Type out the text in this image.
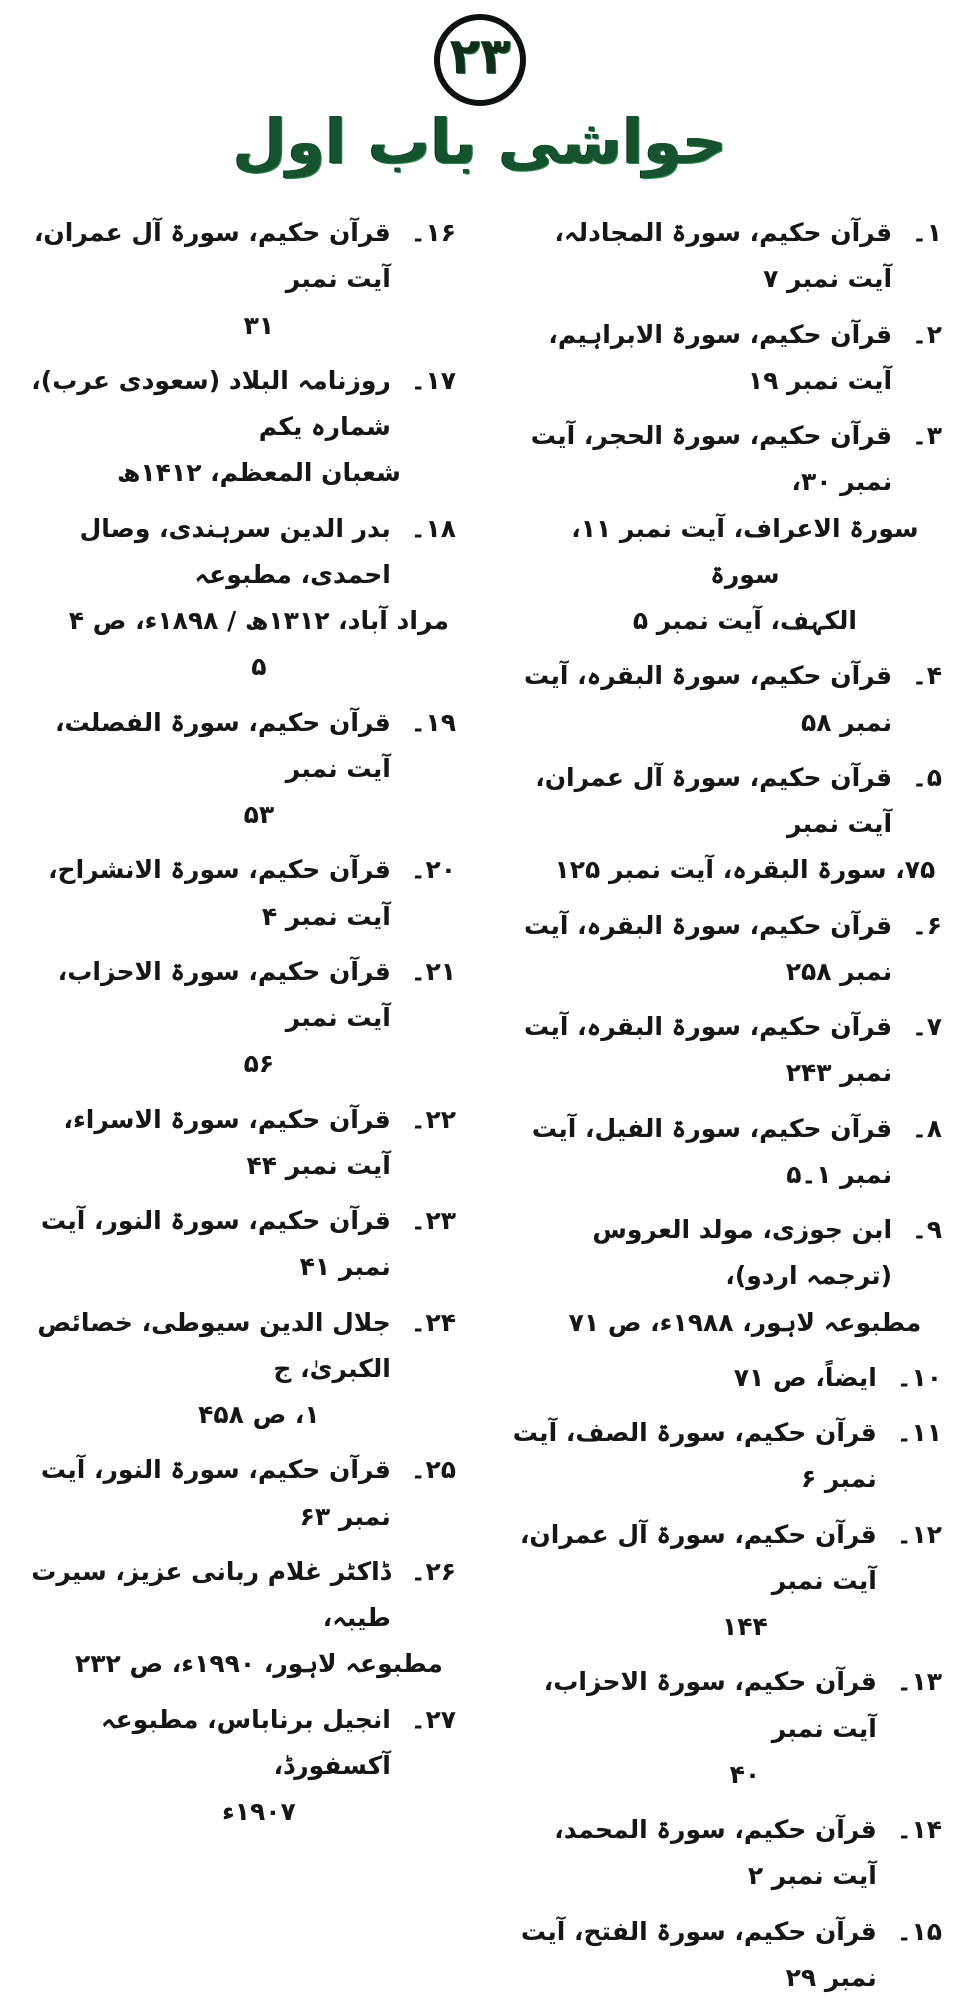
۲۳
حواشی باب اول
۱۔
قرآن حکیم، سورۃ المجادلہ، آیت نمبر ۷
۲۔
قرآن حکیم، سورۃ الابراہیم، آیت نمبر ۱۹
۳۔
قرآن حکیم، سورۃ الحجر، آیت نمبر ۳۰،
سورۃ الاعراف، آیت نمبر ۱۱، سورۃ
الکہف، آیت نمبر ۵
۴۔
قرآن حکیم، سورۃ البقرہ، آیت نمبر ۵۸
۵۔
قرآن حکیم، سورۃ آل عمران، آیت نمبر
۷۵، سورۃ البقرہ، آیت نمبر ۱۲۵
۶۔
قرآن حکیم، سورۃ البقرہ، آیت نمبر ۲۵۸
۷۔
قرآن حکیم، سورۃ البقرہ، آیت نمبر ۲۴۳
۸۔
قرآن حکیم، سورۃ الفیل، آیت نمبر ۱۔۵
۹۔
ابن جوزی، مولد العروس (ترجمہ اردو)،
مطبوعہ لاہور، ۱۹۸۸ء، ص ۷۱
۱۰۔
ایضاً، ص ۷۱
۱۱۔
قرآن حکیم، سورۃ الصف، آیت نمبر ۶
۱۲۔
قرآن حکیم، سورۃ آل عمران، آیت نمبر
۱۴۴
۱۳۔
قرآن حکیم، سورۃ الاحزاب، آیت نمبر
۴۰
۱۴۔
قرآن حکیم، سورۃ المحمد، آیت نمبر ۲
۱۵۔
قرآن حکیم، سورۃ الفتح، آیت نمبر ۲۹
۱۶۔
قرآن حکیم، سورۃ آل عمران، آیت نمبر
۳۱
۱۷۔
روزنامہ البلاد (سعودی عرب)، شمارہ یکم
شعبان المعظم، ۱۴۱۲ھ
۱۸۔
بدر الدین سرہندی، وصال احمدی، مطبوعہ
مراد آباد، ۱۳۱۲ھ / ۱۸۹۸ء، ص ۴
۵
۱۹۔
قرآن حکیم، سورۃ الفصلت، آیت نمبر
۵۳
۲۰۔
قرآن حکیم، سورۃ الانشراح، آیت نمبر ۴
۲۱۔
قرآن حکیم، سورۃ الاحزاب، آیت نمبر
۵۶
۲۲۔
قرآن حکیم، سورۃ الاسراء، آیت نمبر ۴۴
۲۳۔
قرآن حکیم، سورۃ النور، آیت نمبر ۴۱
۲۴۔
جلال الدین سیوطی، خصائص الکبریٰ، ج
۱، ص ۴۵۸
۲۵۔
قرآن حکیم، سورۃ النور، آیت نمبر ۶۳
۲۶۔
ڈاکٹر غلام ربانی عزیز، سیرت طیبہ،
مطبوعہ لاہور، ۱۹۹۰ء، ص ۲۳۲
۲۷۔
انجیل برناباس، مطبوعہ آکسفورڈ،
۱۹۰۷ء
